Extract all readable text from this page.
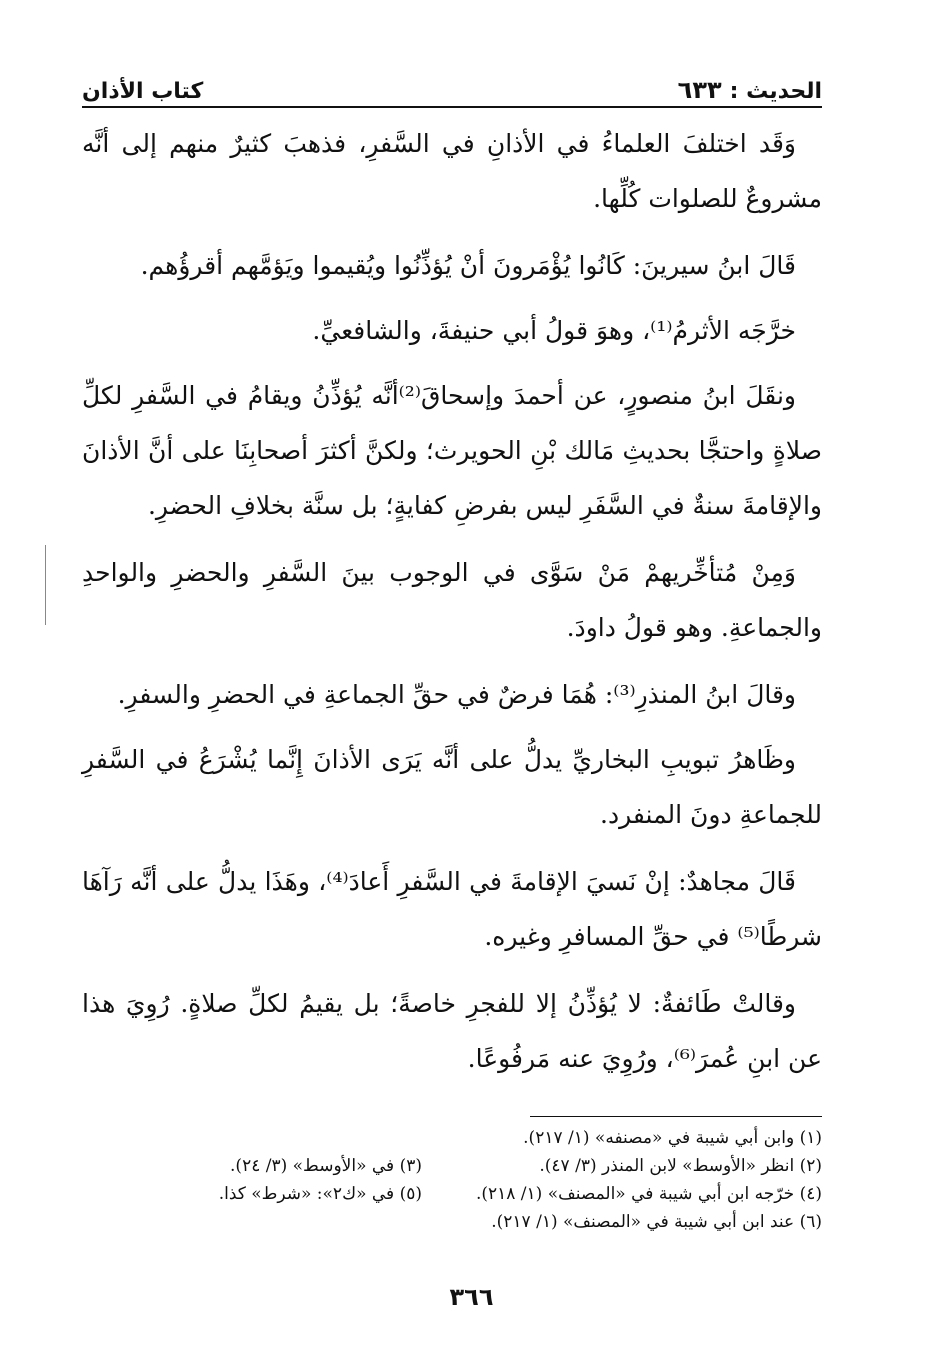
الحديث :
٦٣٣
كتاب الأذان

وَقَد اختلفَ العلماءُ في الأذانِ في السَّفرِ، فذهبَ كثيرٌ منهم إلى أنَّه مشروعٌ للصلوات كُلِّها.

قَالَ ابنُ سيرينَ: كَانُوا يُؤْمَرونَ أنْ يُؤذِّنُوا ويُقيموا ويَؤمَّهم أقرؤُهم.

خرَّجَه الأثرمُ⁽¹⁾، وهوَ قولُ أبي حنيفةَ، والشافعيِّ.

ونقَلَ ابنُ منصورٍ، عن أحمدَ وإسحاقَ⁽²⁾أنَّه يُؤذِّنُ ويقامُ في السَّفرِ لكلِّ صلاةٍ واحتجَّا بحديثِ مَالك بْنِ الحويرث؛ ولكنَّ أكثرَ أصحابِنَا على أنَّ الأذانَ والإقامةَ سنةٌ في السَّفَرِ ليس بفرضِ كفايةٍ؛ بل سنَّة بخلافِ الحضرِ.

وَمِنْ مُتأخِّريهمْ مَنْ سَوَّى في الوجوب بينَ السَّفرِ والحضرِ والواحدِ والجماعةِ. وهو قولُ داودَ.

وقالَ ابنُ المنذرِ⁽³⁾: هُمَا فرضٌ في حقِّ الجماعةِ في الحضرِ والسفرِ.

وظَاهرُ تبويبِ البخاريِّ يدلُّ على أنَّه يَرَى الأذانَ إِنَّما يُشْرَعُ في السَّفرِ للجماعةِ دونَ المنفرد.

قَالَ مجاهدٌ: إنْ نَسيَ الإقامةَ في السَّفرِ أَعادَ⁽⁴⁾، وهَذَا يدلُّ على أنَّه رَآهَا شرطًا⁽⁵⁾ في حقِّ المسافرِ وغيره.

وقالتْ طَائفةٌ: لا يُؤذِّنُ إلا للفجرِ خاصةً؛ بل يقيمُ لكلِّ صلاةٍ. رُوِيَ هذا عن ابنِ عُمرَ⁽⁶⁾، ورُوِيَ عنه مَرفُوعًا.

(١) وابن أبي شيبة في «مصنفه» (١/ ٢١٧).
(٢) انظر «الأوسط» لابن المنذر (٣/ ٤٧).
(٣) في «الأوسط» (٣/ ٢٤).
(٤) خرّجه ابن أبي شيبة في «المصنف» (١/ ٢١٨).
(٥) في «ك٢»: «شرط» كذا.
(٦) عند ابن أبي شيبة في «المصنف» (١/ ٢١٧).
٣٦٦
